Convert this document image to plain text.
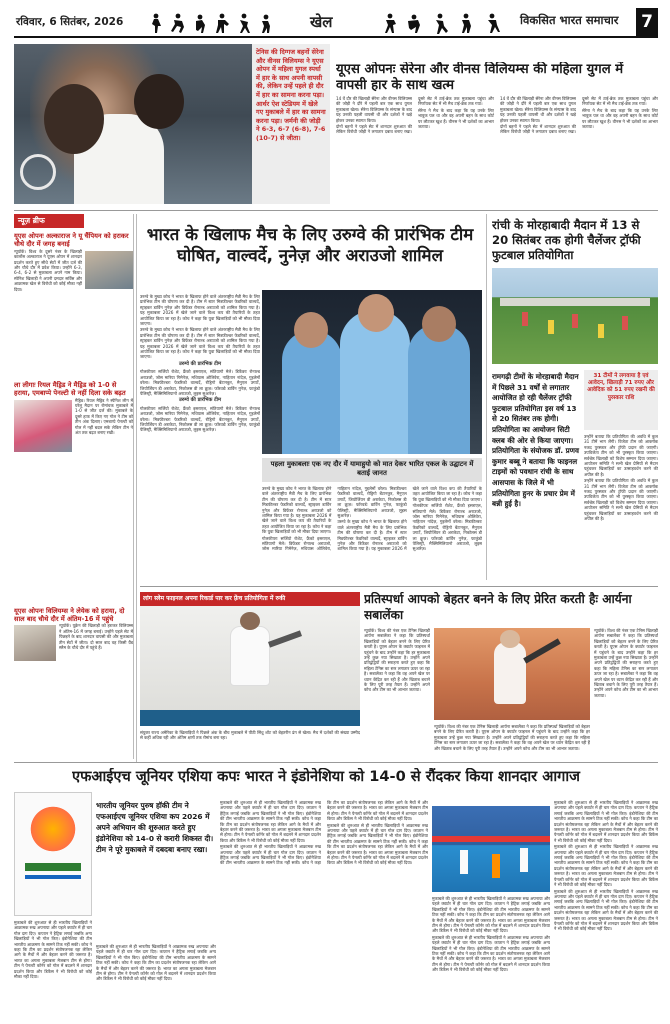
रविवार, 6 सितंबर, 2026	खेल	विकसित भारत समाचार 7

टेनिस की दिग्गज बहनों सेरेना और वीनस विलियम्स ने यूएस ओपन में महिला युगल स्पर्धा में हार के साथ अपनी वापसी की, लेकिन उन्हें पहले ही दौर में हार का सामना करना पड़ा। आर्थर ऐश स्टेडियम में खेले गए मुकाबले में हार का सामना करना पड़ा। जर्मनी की जोड़ी ने 6-3, 6-7 (6-8), 7-6 (10-7) से जीता।

यूएस ओपनः सेरेना और वीनस विलियम्स की महिला युगल में वापसी हार के साथ खत्म

14 वें दौर की खिलाड़ी सेरेना और वीनस विलियम्स की जोड़ी ने दौरे में पहली बार एक साथ युगल मुकाबला खेला। सेरेना विलियम्स के संन्यास के बाद यह उनकी पहली वापसी थी और दर्शकों ने खड़े होकर उनका स्वागत किया।

दोनों बहनों ने पहले सेट में शानदार शुरुआत की लेकिन विरोधी जोड़ी ने लगातार दबाव बनाए रखा। दूसरे सेट में टाई-ब्रेक तक मुकाबला पहुंचा और निर्णायक सेट में भी मैच टाई-ब्रेक तक गया।

सेरेना ने मैच के बाद कहा कि यह उनके लिए भावुक पल था और वह अपनी बहन के साथ कोर्ट पर लौटकर खुश हैं। वीनस ने भी दर्शकों का आभार जताया।

14 वें दौर की खिलाड़ी सेरेना और वीनस विलियम्स की जोड़ी ने दौरे में पहली बार एक साथ युगल मुकाबला खेला। सेरेना विलियम्स के संन्यास के बाद यह उनकी पहली वापसी थी और दर्शकों ने खड़े होकर उनका स्वागत किया।

दोनों बहनों ने पहले सेट में शानदार शुरुआत की लेकिन विरोधी जोड़ी ने लगातार दबाव बनाए रखा। दूसरे सेट में टाई-ब्रेक तक मुकाबला पहुंचा और निर्णायक सेट में भी मैच टाई-ब्रेक तक गया।

सेरेना ने मैच के बाद कहा कि यह उनके लिए भावुक पल था और वह अपनी बहन के साथ कोर्ट पर लौटकर खुश हैं। वीनस ने भी दर्शकों का आभार जताया।

न्यूज़ ब्रीफ
यूएस ओपनः अल्काराज ने यू चैंपियन को हराकर चौथे दौर में जगह बनाई

न्यूयॉर्क। विश्व के दूसरे नंबर के खिलाड़ी कार्लोस अल्काराज ने यूएस ओपन में शानदार प्रदर्शन करते हुए सीधे सेटों में जीत दर्ज की और चौथे दौर में प्रवेश किया। उन्होंने 6-3, 6-4, 6-2 से मुकाबला अपने नाम किया। स्पेनिश खिलाड़ी ने अपनी दमदार सर्विस और आक्रामक खेल से विरोधी को कोई मौका नहीं दिया।

ला लीगाः रियल मैड्रिड ने मैड्रिड को 1-0 से हराया, एमबाप्पे पेनल्टी से नहीं दिला सके बढ़त

मैड्रिड। रियल मैड्रिड ने स्पेनिश लीग में घरेलू मैदान पर रोमांचक मुकाबले में 1-0 से जीत दर्ज की। मुकाबले के दूसरे हाफ में किए गए गोल ने टीम को तीन अंक दिलाए। एमबाप्पे पेनल्टी को गोल में नहीं बदल सके लेकिन टीम ने अंत तक बढ़त बनाए रखी।

यूएस ओपनः विलियम्स ने लेयेक को हराया, दो साल बाद चौथे दौर में अंतिम-16 में पहुंचे

न्यूयॉर्क। यूक्रेन की खिलाड़ी को हराकर विलियम्स ने अंतिम-16 में जगह बनाई। उन्होंने पहले सेट में पिछड़ने के बाद शानदार वापसी की और मुकाबला तीन सेटों में जीता। दो साल बाद वह किसी ग्रैंड स्लैम के चौथे दौर में पहुंचे हैं।

भारत के खिलाफ मैच के लिए उरुग्वे की प्रारंभिक टीम घोषित, वाल्वर्दे, नुनेज़ और अराउजो शामिल

उरुग्वे के मुख्य कोच ने भारत के खिलाफ होने वाले अंतरराष्ट्रीय मैत्री मैच के लिए प्रारंभिक टीम की घोषणा कर दी है। टीम में स्टार मिडफील्डर फेडरिको वाल्वर्दे, स्ट्राइकर डार्विन नुनेज़ और डिफेंडर रोनाल्ड अराउजो को शामिल किया गया है। यह मुकाबला 2026 में खेले जाने वाले विश्व कप की तैयारियों के तहत आयोजित किया जा रहा है। कोच ने कहा कि युवा खिलाड़ियों को भी मौका दिया जाएगा।

उरुग्वे के मुख्य कोच ने भारत के खिलाफ होने वाले अंतरराष्ट्रीय मैत्री मैच के लिए प्रारंभिक टीम की घोषणा कर दी है। टीम में स्टार मिडफील्डर फेडरिको वाल्वर्दे, स्ट्राइकर डार्विन नुनेज़ और डिफेंडर रोनाल्ड अराउजो को शामिल किया गया है। यह मुकाबला 2026 में खेले जाने वाले विश्व कप की तैयारियों के तहत आयोजित किया जा रहा है। कोच ने कहा कि युवा खिलाड़ियों को भी मौका दिया जाएगा।

उरुग्वे की प्रारंभिक टीम

गोलकीपरः सर्जियो रोशेट, फ्रैंको इसराएल, संतियागो मेले। डिफेंडरः रोनाल्ड अराउजो, जोस मारिया गिमेनेज़, मथियास ओलिवेरा, नाहितान नांदेज़, गुइलेर्मो वरेला। मिडफील्डरः फेडरिको वाल्वर्दे, रोड्रिगो बेंटानकुर, मैनुएल उगार्टे, जियोर्जियन डी अराकेटा, निकोलस डी ला क्रूज़। फॉरवर्डः डार्विन नुनेज़, फाकुंडो पेलिस्ट्री, मैक्सिमिलियानो अराउजो, लुइस सुआरेज़।

उरुग्वे की प्रारंभिक टीम

गोलकीपरः सर्जियो रोशेट, फ्रैंको इसराएल, संतियागो मेले। डिफेंडरः रोनाल्ड अराउजो, जोस मारिया गिमेनेज़, मथियास ओलिवेरा, नाहितान नांदेज़, गुइलेर्मो वरेला। मिडफील्डरः फेडरिको वाल्वर्दे, रोड्रिगो बेंटानकुर, मैनुएल उगार्टे, जियोर्जियन डी अराकेटा, निकोलस डी ला क्रूज़। फॉरवर्डः डार्विन नुनेज़, फाकुंडो पेलिस्ट्री, मैक्सिमिलियानो अराउजो, लुइस सुआरेज़।

पहला मुकाबलाः एक नए दौर में यामाहुयो को मात देकर भारित एकल के उद्घाटन में बताई जानत

उरुग्वे के मुख्य कोच ने भारत के खिलाफ होने वाले अंतरराष्ट्रीय मैत्री मैच के लिए प्रारंभिक टीम की घोषणा कर दी है। टीम में स्टार मिडफील्डर फेडरिको वाल्वर्दे, स्ट्राइकर डार्विन नुनेज़ और डिफेंडर रोनाल्ड अराउजो को शामिल किया गया है। यह मुकाबला 2026 में खेले जाने वाले विश्व कप की तैयारियों के तहत आयोजित किया जा रहा है। कोच ने कहा कि युवा खिलाड़ियों को भी मौका दिया जाएगा।

गोलकीपरः सर्जियो रोशेट, फ्रैंको इसराएल, संतियागो मेले। डिफेंडरः रोनाल्ड अराउजो, जोस मारिया गिमेनेज़, मथियास ओलिवेरा, नाहितान नांदेज़, गुइलेर्मो वरेला। मिडफील्डरः फेडरिको वाल्वर्दे, रोड्रिगो बेंटानकुर, मैनुएल उगार्टे, जियोर्जियन डी अराकेटा, निकोलस डी ला क्रूज़। फॉरवर्डः डार्विन नुनेज़, फाकुंडो पेलिस्ट्री, मैक्सिमिलियानो अराउजो, लुइस सुआरेज़।

उरुग्वे के मुख्य कोच ने भारत के खिलाफ होने वाले अंतरराष्ट्रीय मैत्री मैच के लिए प्रारंभिक टीम की घोषणा कर दी है। टीम में स्टार मिडफील्डर फेडरिको वाल्वर्दे, स्ट्राइकर डार्विन नुनेज़ और डिफेंडर रोनाल्ड अराउजो को शामिल किया गया है। यह मुकाबला 2026 में खेले जाने वाले विश्व कप की तैयारियों के तहत आयोजित किया जा रहा है। कोच ने कहा कि युवा खिलाड़ियों को भी मौका दिया जाएगा।

गोलकीपरः सर्जियो रोशेट, फ्रैंको इसराएल, संतियागो मेले। डिफेंडरः रोनाल्ड अराउजो, जोस मारिया गिमेनेज़, मथियास ओलिवेरा, नाहितान नांदेज़, गुइलेर्मो वरेला। मिडफील्डरः फेडरिको वाल्वर्दे, रोड्रिगो बेंटानकुर, मैनुएल उगार्टे, जियोर्जियन डी अराकेटा, निकोलस डी ला क्रूज़। फॉरवर्डः डार्विन नुनेज़, फाकुंडो पेलिस्ट्री, मैक्सिमिलियानो अराउजो, लुइस सुआरेज़।

रांची के मोरहाबादी मैदान में 13 से 20 सितंबर तक होगी चैलेंजर ट्रॉफी फुटबाल प्रतियोगिता

31 टीमों ने लगवाया है एवं आवेदन, खिलाड़ी 71 रुपए और आवेदिक को 51 रुपए रखनी की पुरस्कार राशि

रामगढ़ी टीमों के मोरहाबादी मैदान में पिछले 31 वर्षों से लगातार आयोजित हो रही चैलेंजर ट्रॉफी फुटबाल प्रतियोगिता इस वर्ष 13 से 20 सितंबर तक होगी। प्रतियोगिता का आयोजन सिटी क्लब की ओर से किया जाएगा। प्रतियोगिता के संयोजक डॉ. प्रणव कुमार बब्बू ने बताया कि फाइनल टाइमों को पवधान रांची के साथ आसपास के जिले में भी प्रतियोगिता हुनर के प्रचार प्रेम में बन्नी हुई है।

उन्होंने बताया कि प्रतियोगिता की अवधि में कुल 31 टीमें भाग लेंगी। विजेता टीम को आकर्षक नकद पुरस्कार और ट्रॉफी प्रदान की जाएगी। उपविजेता टीम को भी पुरस्कृत किया जाएगा। सर्वश्रेष्ठ खिलाड़ी को विशेष सम्मान दिया जाएगा। आयोजन समिति ने सभी खेल प्रेमियों से मैदान पहुंचकर खिलाड़ियों का उत्साहवर्धन करने की अपील की है।

उन्होंने बताया कि प्रतियोगिता की अवधि में कुल 31 टीमें भाग लेंगी। विजेता टीम को आकर्षक नकद पुरस्कार और ट्रॉफी प्रदान की जाएगी। उपविजेता टीम को भी पुरस्कृत किया जाएगा। सर्वश्रेष्ठ खिलाड़ी को विशेष सम्मान दिया जाएगा। आयोजन समिति ने सभी खेल प्रेमियों से मैदान पहुंचकर खिलाड़ियों का उत्साहवर्धन करने की अपील की है।

लांग स्लेम फाइनल अपना रिकार्ड पार कर फ़्रेंच प्रतियोगिता में रुकी

संयुक्त राज्य अमेरिका के खिलाड़ियों ने पिछले अंक के बीच मुकाबले में पीठी सिंधु शॉट को बेहतरीन ढंग से खेला। मैच में दर्शकों की संख्या उम्मीद से कहीं अधिक रही और अंतिम क्षणों तक रोमांच बना रहा।

प्रतिस्पर्धा आपको बेहतर बनने के लिए प्रेरित करती हैः आर्यना सबालेंका

न्यूयॉर्क। विश्व की नंबर एक टेनिस खिलाड़ी आर्यना सबालेंका ने कहा कि प्रतिस्पर्धा खिलाड़ियों को बेहतर बनने के लिए प्रेरित करती है। यूएस ओपन के क्वार्टर फाइनल में पहुंचने के बाद उन्होंने कहा कि हर मुकाबला उन्हें कुछ नया सिखाता है। उन्होंने अपने प्रतिद्वंद्वियों की सराहना करते हुए कहा कि महिला टेनिस का स्तर लगातार ऊपर जा रहा है। सबालेंका ने कहा कि वह अपने खेल पर ध्यान केंद्रित कर रही हैं और खिताब बचाने के लिए पूरी तरह तैयार हैं। उन्होंने अपने कोच और टीम का भी आभार जताया।

न्यूयॉर्क। विश्व की नंबर एक टेनिस खिलाड़ी आर्यना सबालेंका ने कहा कि प्रतिस्पर्धा खिलाड़ियों को बेहतर बनने के लिए प्रेरित करती है। यूएस ओपन के क्वार्टर फाइनल में पहुंचने के बाद उन्होंने कहा कि हर मुकाबला उन्हें कुछ नया सिखाता है। उन्होंने अपने प्रतिद्वंद्वियों की सराहना करते हुए कहा कि महिला टेनिस का स्तर लगातार ऊपर जा रहा है। सबालेंका ने कहा कि वह अपने खेल पर ध्यान केंद्रित कर रही हैं और खिताब बचाने के लिए पूरी तरह तैयार हैं। उन्होंने अपने कोच और टीम का भी आभार जताया।

न्यूयॉर्क। विश्व की नंबर एक टेनिस खिलाड़ी आर्यना सबालेंका ने कहा कि प्रतिस्पर्धा खिलाड़ियों को बेहतर बनने के लिए प्रेरित करती है। यूएस ओपन के क्वार्टर फाइनल में पहुंचने के बाद उन्होंने कहा कि हर मुकाबला उन्हें कुछ नया सिखाता है। उन्होंने अपने प्रतिद्वंद्वियों की सराहना करते हुए कहा कि महिला टेनिस का स्तर लगातार ऊपर जा रहा है। सबालेंका ने कहा कि वह अपने खेल पर ध्यान केंद्रित कर रही हैं और खिताब बचाने के लिए पूरी तरह तैयार हैं। उन्होंने अपने कोच और टीम का भी आभार जताया।

एफआईएच जूनियर एशिया कपः भारत ने इंडोनेशिया को 14-0 से रौंदकर किया शानदार आगाज

मुकाबले की शुरुआत से ही भारतीय खिलाड़ियों ने आक्रामक रुख अपनाया और पहले क्वार्टर में ही चार गोल दाग दिए। कप्तान ने हैट्रिक लगाई जबकि अन्य खिलाड़ियों ने भी गोल किए। इंडोनेशिया की टीम भारतीय आक्रमण के सामने टिक नहीं सकी। कोच ने कहा कि टीम का प्रदर्शन संतोषजनक रहा लेकिन आगे के मैचों में और बेहतर करने की जरूरत है। भारत का अगला मुकाबला मेजबान टीम से होगा। टीम ने पेनल्टी कॉर्नर को गोल में बदलने में शानदार प्रदर्शन किया और डिफेंस ने भी विरोधी को कोई मौका नहीं दिया।

भारतीय जूनियर पुरुष हॉकी टीम ने एफआईएच जूनियर एशिया कप 2026 में अपने अभियान की शुरुआत करते हुए इंडोनेशिया को 14-0 से करारी शिकस्त दी। टीम ने पूरे मुकाबले में दबदबा बनाए रखा।

मुकाबले की शुरुआत से ही भारतीय खिलाड़ियों ने आक्रामक रुख अपनाया और पहले क्वार्टर में ही चार गोल दाग दिए। कप्तान ने हैट्रिक लगाई जबकि अन्य खिलाड़ियों ने भी गोल किए। इंडोनेशिया की टीम भारतीय आक्रमण के सामने टिक नहीं सकी। कोच ने कहा कि टीम का प्रदर्शन संतोषजनक रहा लेकिन आगे के मैचों में और बेहतर करने की जरूरत है। भारत का अगला मुकाबला मेजबान टीम से होगा। टीम ने पेनल्टी कॉर्नर को गोल में बदलने में शानदार प्रदर्शन किया और डिफेंस ने भी विरोधी को कोई मौका नहीं दिया।

मुकाबले की शुरुआत से ही भारतीय खिलाड़ियों ने आक्रामक रुख अपनाया और पहले क्वार्टर में ही चार गोल दाग दिए। कप्तान ने हैट्रिक लगाई जबकि अन्य खिलाड़ियों ने भी गोल किए। इंडोनेशिया की टीम भारतीय आक्रमण के सामने टिक नहीं सकी। कोच ने कहा कि टीम का प्रदर्शन संतोषजनक रहा लेकिन आगे के मैचों में और बेहतर करने की जरूरत है। भारत का अगला मुकाबला मेजबान टीम से होगा। टीम ने पेनल्टी कॉर्नर को गोल में बदलने में शानदार प्रदर्शन किया और डिफेंस ने भी विरोधी को कोई मौका नहीं दिया।

मुकाबले की शुरुआत से ही भारतीय खिलाड़ियों ने आक्रामक रुख अपनाया और पहले क्वार्टर में ही चार गोल दाग दिए। कप्तान ने हैट्रिक लगाई जबकि अन्य खिलाड़ियों ने भी गोल किए। इंडोनेशिया की टीम भारतीय आक्रमण के सामने टिक नहीं सकी। कोच ने कहा कि टीम का प्रदर्शन संतोषजनक रहा लेकिन आगे के मैचों में और बेहतर करने की जरूरत है। भारत का अगला मुकाबला मेजबान टीम से होगा। टीम ने पेनल्टी कॉर्नर को गोल में बदलने में शानदार प्रदर्शन किया और डिफेंस ने भी विरोधी को कोई मौका नहीं दिया।

मुकाबले की शुरुआत से ही भारतीय खिलाड़ियों ने आक्रामक रुख अपनाया और पहले क्वार्टर में ही चार गोल दाग दिए। कप्तान ने हैट्रिक लगाई जबकि अन्य खिलाड़ियों ने भी गोल किए। इंडोनेशिया की टीम भारतीय आक्रमण के सामने टिक नहीं सकी। कोच ने कहा कि टीम का प्रदर्शन संतोषजनक रहा लेकिन आगे के मैचों में और बेहतर करने की जरूरत है। भारत का अगला मुकाबला मेजबान टीम से होगा। टीम ने पेनल्टी कॉर्नर को गोल में बदलने में शानदार प्रदर्शन किया और डिफेंस ने भी विरोधी को कोई मौका नहीं दिया।

मुकाबले की शुरुआत से ही भारतीय खिलाड़ियों ने आक्रामक रुख अपनाया और पहले क्वार्टर में ही चार गोल दाग दिए। कप्तान ने हैट्रिक लगाई जबकि अन्य खिलाड़ियों ने भी गोल किए। इंडोनेशिया की टीम भारतीय आक्रमण के सामने टिक नहीं सकी। कोच ने कहा कि टीम का प्रदर्शन संतोषजनक रहा लेकिन आगे के मैचों में और बेहतर करने की जरूरत है। भारत का अगला मुकाबला मेजबान टीम से होगा। टीम ने पेनल्टी कॉर्नर को गोल में बदलने में शानदार प्रदर्शन किया और डिफेंस ने भी विरोधी को कोई मौका नहीं दिया।

मुकाबले की शुरुआत से ही भारतीय खिलाड़ियों ने आक्रामक रुख अपनाया और पहले क्वार्टर में ही चार गोल दाग दिए। कप्तान ने हैट्रिक लगाई जबकि अन्य खिलाड़ियों ने भी गोल किए। इंडोनेशिया की टीम भारतीय आक्रमण के सामने टिक नहीं सकी। कोच ने कहा कि टीम का प्रदर्शन संतोषजनक रहा लेकिन आगे के मैचों में और बेहतर करने की जरूरत है। भारत का अगला मुकाबला मेजबान टीम से होगा। टीम ने पेनल्टी कॉर्नर को गोल में बदलने में शानदार प्रदर्शन किया और डिफेंस ने भी विरोधी को कोई मौका नहीं दिया।

मुकाबले की शुरुआत से ही भारतीय खिलाड़ियों ने आक्रामक रुख अपनाया और पहले क्वार्टर में ही चार गोल दाग दिए। कप्तान ने हैट्रिक लगाई जबकि अन्य खिलाड़ियों ने भी गोल किए। इंडोनेशिया की टीम भारतीय आक्रमण के सामने टिक नहीं सकी। कोच ने कहा कि टीम का प्रदर्शन संतोषजनक रहा लेकिन आगे के मैचों में और बेहतर करने की जरूरत है। भारत का अगला मुकाबला मेजबान टीम से होगा। टीम ने पेनल्टी कॉर्नर को गोल में बदलने में शानदार प्रदर्शन किया और डिफेंस ने भी विरोधी को कोई मौका नहीं दिया।

मुकाबले की शुरुआत से ही भारतीय खिलाड़ियों ने आक्रामक रुख अपनाया और पहले क्वार्टर में ही चार गोल दाग दिए। कप्तान ने हैट्रिक लगाई जबकि अन्य खिलाड़ियों ने भी गोल किए। इंडोनेशिया की टीम भारतीय आक्रमण के सामने टिक नहीं सकी। कोच ने कहा कि टीम का प्रदर्शन संतोषजनक रहा लेकिन आगे के मैचों में और बेहतर करने की जरूरत है। भारत का अगला मुकाबला मेजबान टीम से होगा। टीम ने पेनल्टी कॉर्नर को गोल में बदलने में शानदार प्रदर्शन किया और डिफेंस ने भी विरोधी को कोई मौका नहीं दिया।

मुकाबले की शुरुआत से ही भारतीय खिलाड़ियों ने आक्रामक रुख अपनाया और पहले क्वार्टर में ही चार गोल दाग दिए। कप्तान ने हैट्रिक लगाई जबकि अन्य खिलाड़ियों ने भी गोल किए। इंडोनेशिया की टीम भारतीय आक्रमण के सामने टिक नहीं सकी। कोच ने कहा कि टीम का प्रदर्शन संतोषजनक रहा लेकिन आगे के मैचों में और बेहतर करने की जरूरत है। भारत का अगला मुकाबला मेजबान टीम से होगा। टीम ने पेनल्टी कॉर्नर को गोल में बदलने में शानदार प्रदर्शन किया और डिफेंस ने भी विरोधी को कोई मौका नहीं दिया।
